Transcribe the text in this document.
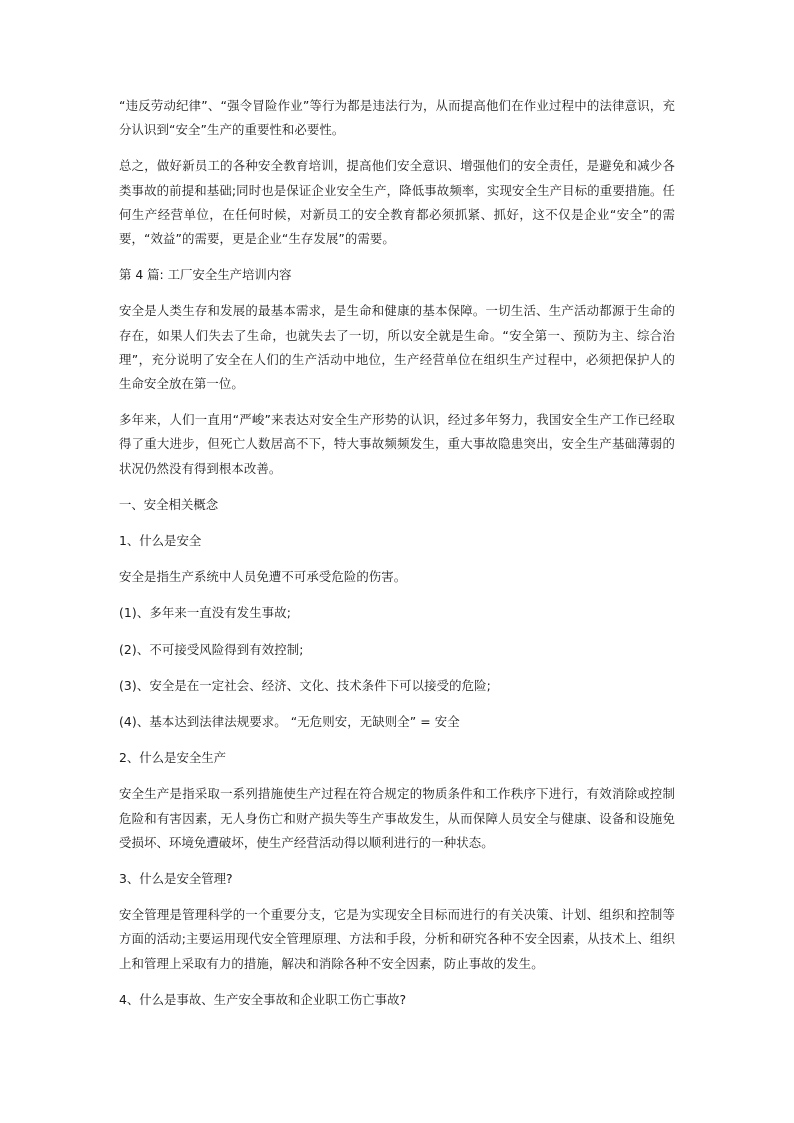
“违反劳动纪律”、“强令冒险作业”等行为都是违法行为，从而提高他们在作业过程中的法律意识，充分认识到“安全”生产的重要性和必要性。

总之，做好新员工的各种安全教育培训，提高他们安全意识、增强他们的安全责任，是避免和减少各类事故的前提和基础;同时也是保证企业安全生产，降低事故频率，实现安全生产目标的重要措施。任何生产经营单位，在任何时候，对新员工的安全教育都必须抓紧、抓好，这不仅是企业“安全”的需要，“效益”的需要，更是企业“生存发展”的需要。

第 4 篇: 工厂安全生产培训内容

安全是人类生存和发展的最基本需求，是生命和健康的基本保障。一切生活、生产活动都源于生命的存在，如果人们失去了生命，也就失去了一切，所以安全就是生命。“安全第一、预防为主、综合治理”，充分说明了安全在人们的生产活动中地位，生产经营单位在组织生产过程中，必须把保护人的生命安全放在第一位。

多年来，人们一直用“严峻”来表达对安全生产形势的认识，经过多年努力，我国安全生产工作已经取得了重大进步，但死亡人数居高不下，特大事故频频发生，重大事故隐患突出，安全生产基础薄弱的状况仍然没有得到根本改善。

一、安全相关概念

1、什么是安全

安全是指生产系统中人员免遭不可承受危险的伤害。

(1)、多年来一直没有发生事故;

(2)、不可接受风险得到有效控制;

(3)、安全是在一定社会、经济、文化、技术条件下可以接受的危险;

(4)、基本达到法律法规要求。 “无危则安，无缺则全” = 安全

2、什么是安全生产

安全生产是指采取一系列措施使生产过程在符合规定的物质条件和工作秩序下进行，有效消除或控制危险和有害因素，无人身伤亡和财产损失等生产事故发生，从而保障人员安全与健康、设备和设施免受损坏、环境免遭破坏，使生产经营活动得以顺利进行的一种状态。

3、什么是安全管理?

安全管理是管理科学的一个重要分支，它是为实现安全目标而进行的有关决策、计划、组织和控制等方面的活动;主要运用现代安全管理原理、方法和手段，分析和研究各种不安全因素，从技术上、组织上和管理上采取有力的措施，解决和消除各种不安全因素，防止事故的发生。

4、什么是事故、生产安全事故和企业职工伤亡事故?
